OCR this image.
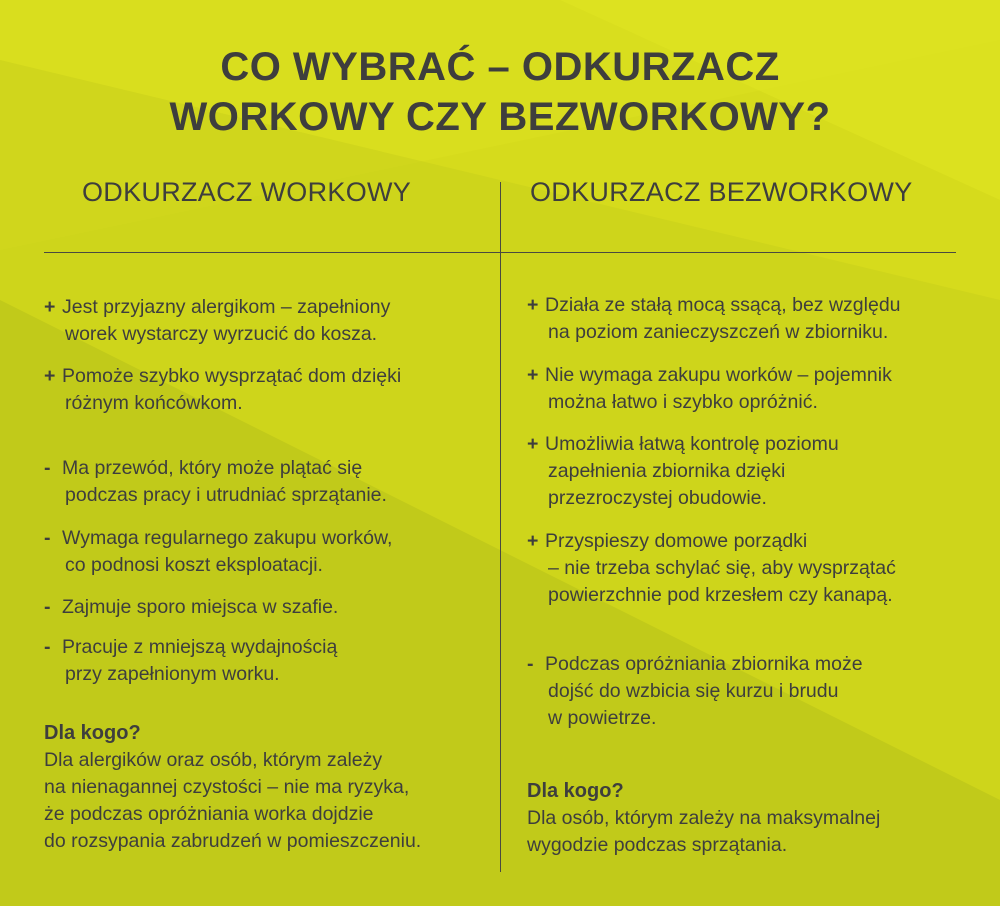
CO WYBRAĆ – ODKURZACZ
WORKOWY CZY BEZWORKOWY?
ODKURZACZ WORKOWY	ODKURZACZ BEZWORKOWY
+ Jest przyjazny alergikom – zapełniony
worek wystarczy wyrzucić do kosza.
+ Pomoże szybko wysprzątać dom dzięki
różnym końcówkom.
- Ma przewód, który może plątać się
podczas pracy i utrudniać sprzątanie.
- Wymaga regularnego zakupu worków,
co podnosi koszt eksploatacji.
- Zajmuje sporo miejsca w szafie.
- Pracuje z mniejszą wydajnością
przy zapełnionym worku.
Dla kogo?
Dla alergików oraz osób, którym zależy
na nienagannej czystości – nie ma ryzyka,
że podczas opróżniania worka dojdzie
do rozsypania zabrudzeń w pomieszczeniu.
+ Działa ze stałą mocą ssącą, bez względu
na poziom zanieczyszczeń w zbiorniku.
+ Nie wymaga zakupu worków – pojemnik
można łatwo i szybko opróżnić.
+ Umożliwia łatwą kontrolę poziomu
zapełnienia zbiornika dzięki
przezroczystej obudowie.
+ Przyspieszy domowe porządki
– nie trzeba schylać się, aby wysprzątać
powierzchnie pod krzesłem czy kanapą.
- Podczas opróżniania zbiornika może
dojść do wzbicia się kurzu i brudu
w powietrze.
Dla kogo?
Dla osób, którym zależy na maksymalnej
wygodzie podczas sprzątania.
